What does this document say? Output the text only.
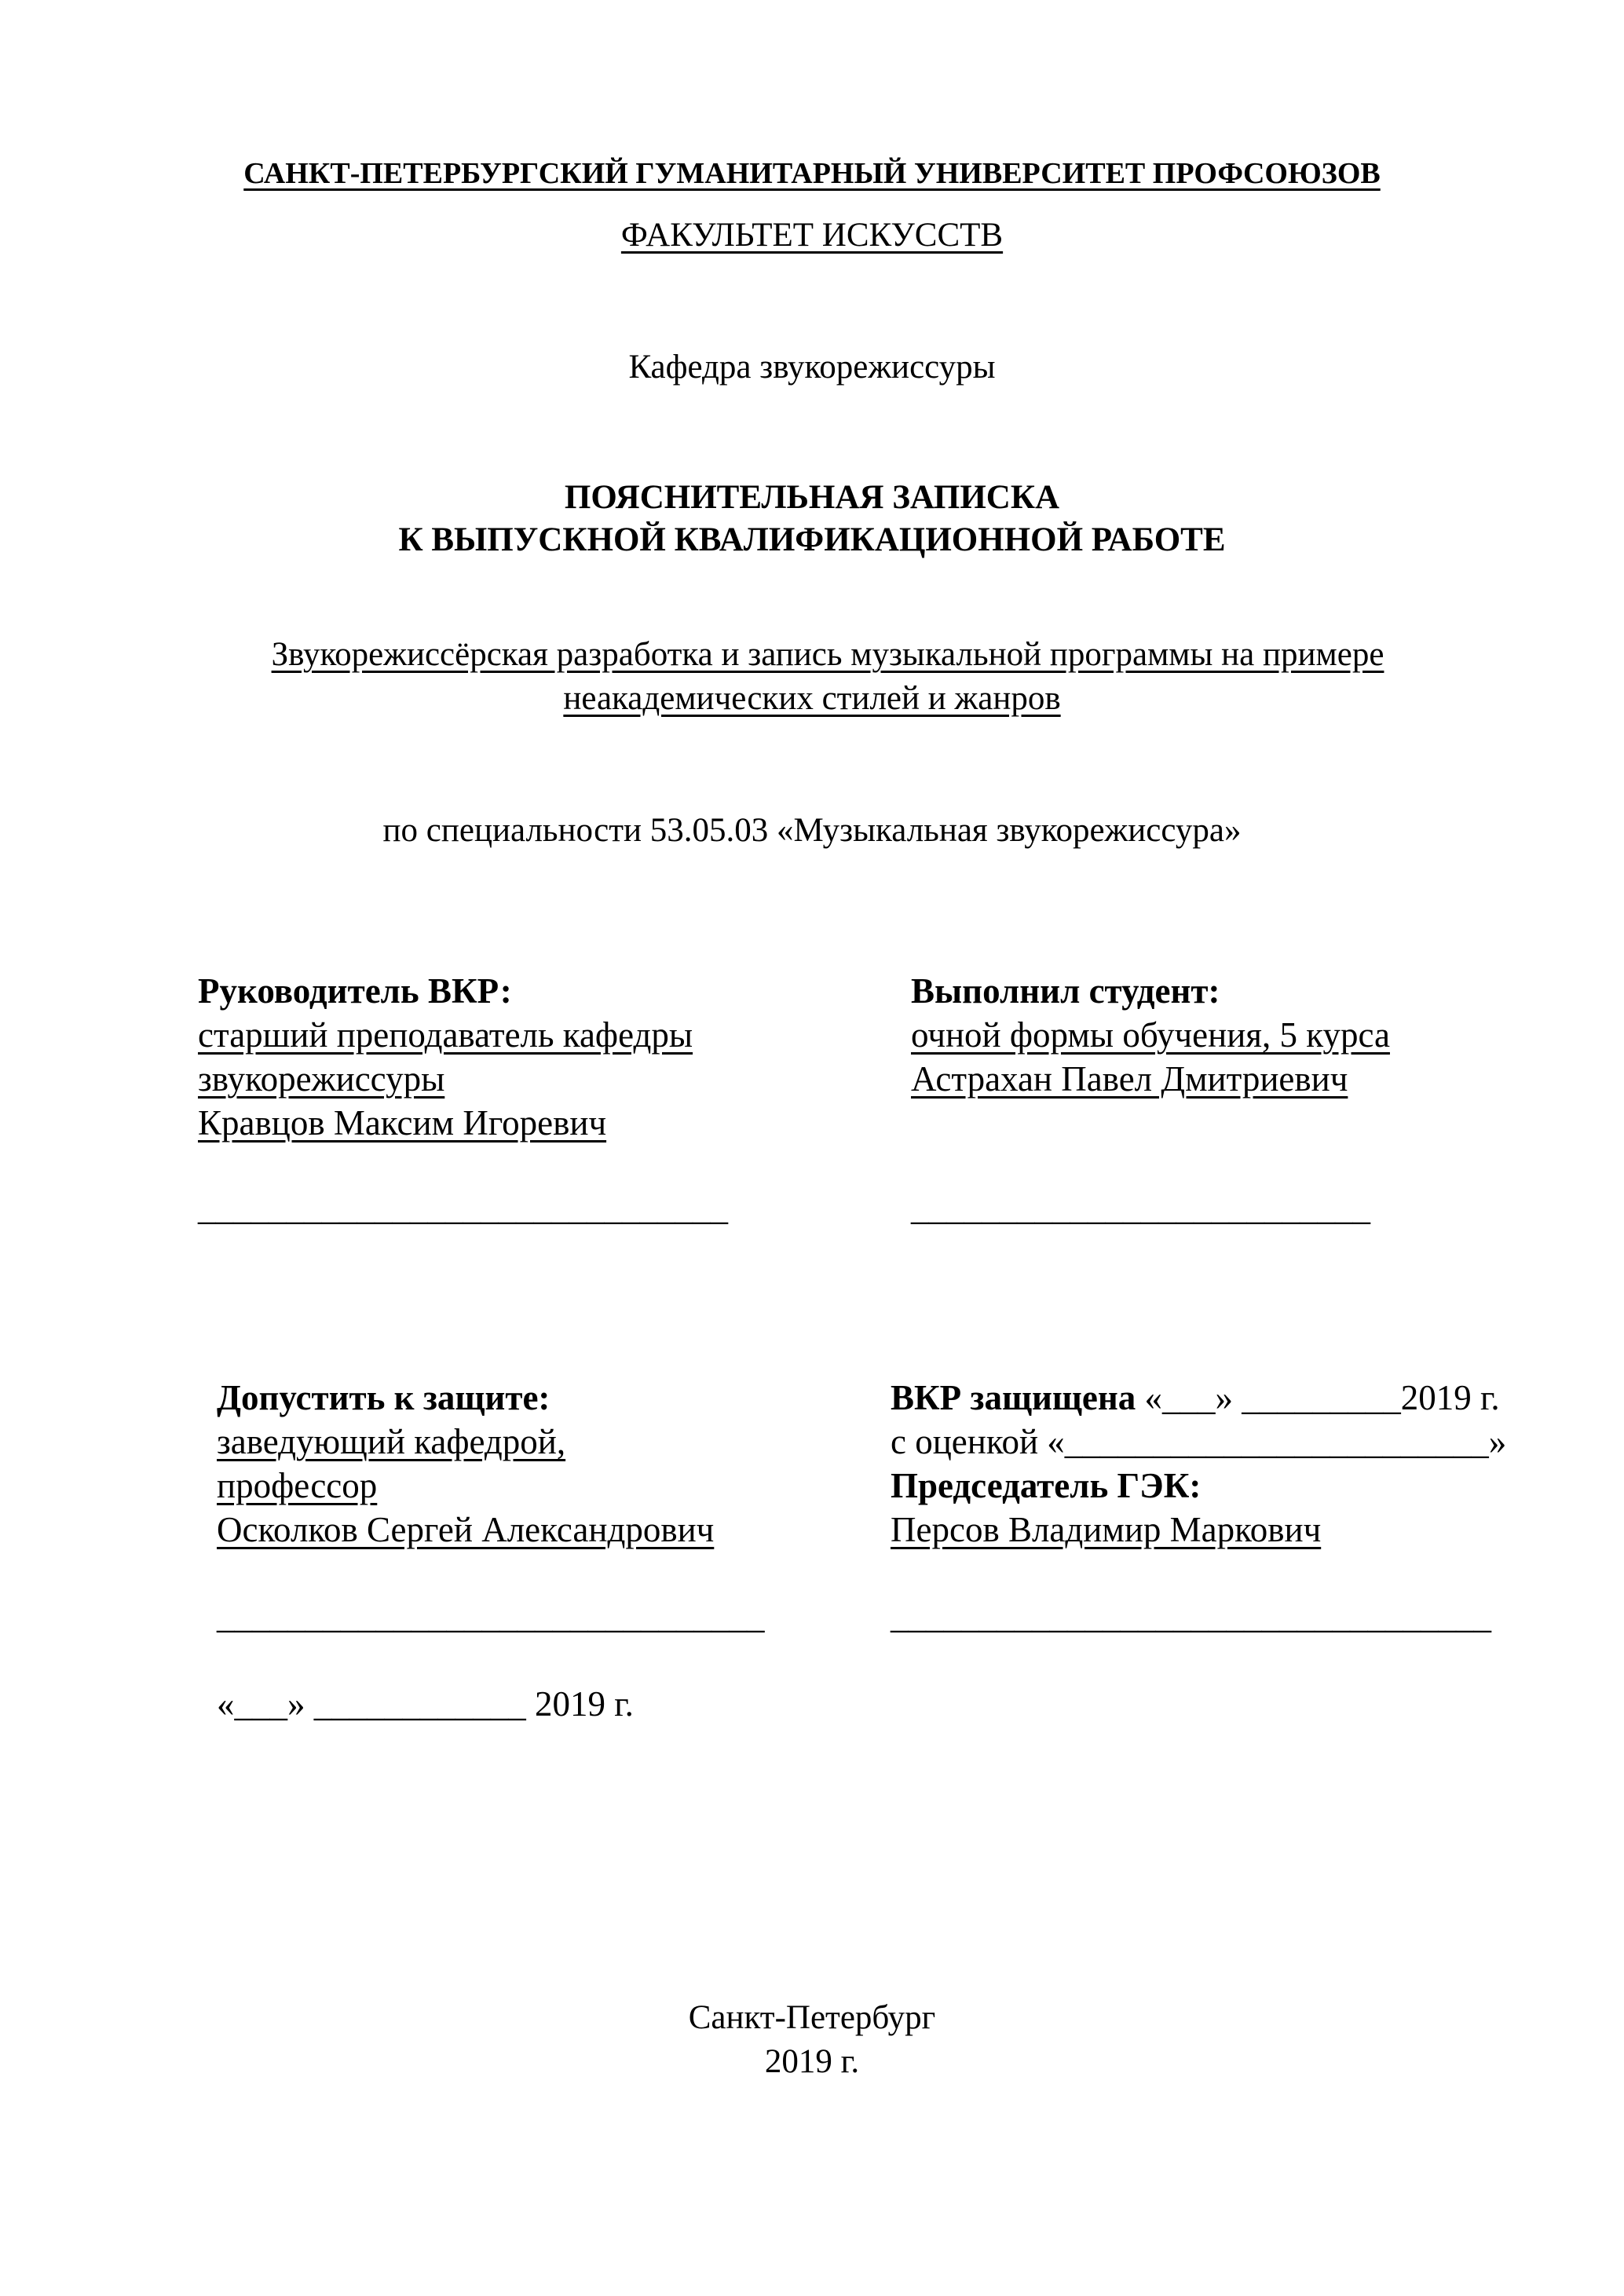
САНКТ-ПЕТЕРБУРГСКИЙ ГУМАНИТАРНЫЙ УНИВЕРСИТЕТ ПРОФСОЮЗОВ
ФАКУЛЬТЕТ ИСКУССТВ
Кафедра звукорежиссуры
ПОЯСНИТЕЛЬНАЯ ЗАПИСКА
К ВЫПУСКНОЙ КВАЛИФИКАЦИОННОЙ РАБОТЕ
Звукорежиссёрская разработка и запись музыкальной программы на примере
неакадемических стилей и жанров
по специальности 53.05.03 «Музыкальная звукорежиссура»
Руководитель ВКР:
старший преподаватель кафедры
звукорежиссуры
Кравцов Максим Игоревич
______________________________
Выполнил студент:
очной формы обучения, 5 курса
Астрахан Павел Дмитриевич
__________________________
Допустить к защите:
заведующий кафедрой,
профессор
Осколков Сергей Александрович
_______________________________
«___» ____________ 2019 г.
ВКР защищена «___» _________2019 г.
с оценкой «________________________»
Председатель ГЭК:
Персов Владимир Маркович
__________________________________
Санкт-Петербург
2019 г.
